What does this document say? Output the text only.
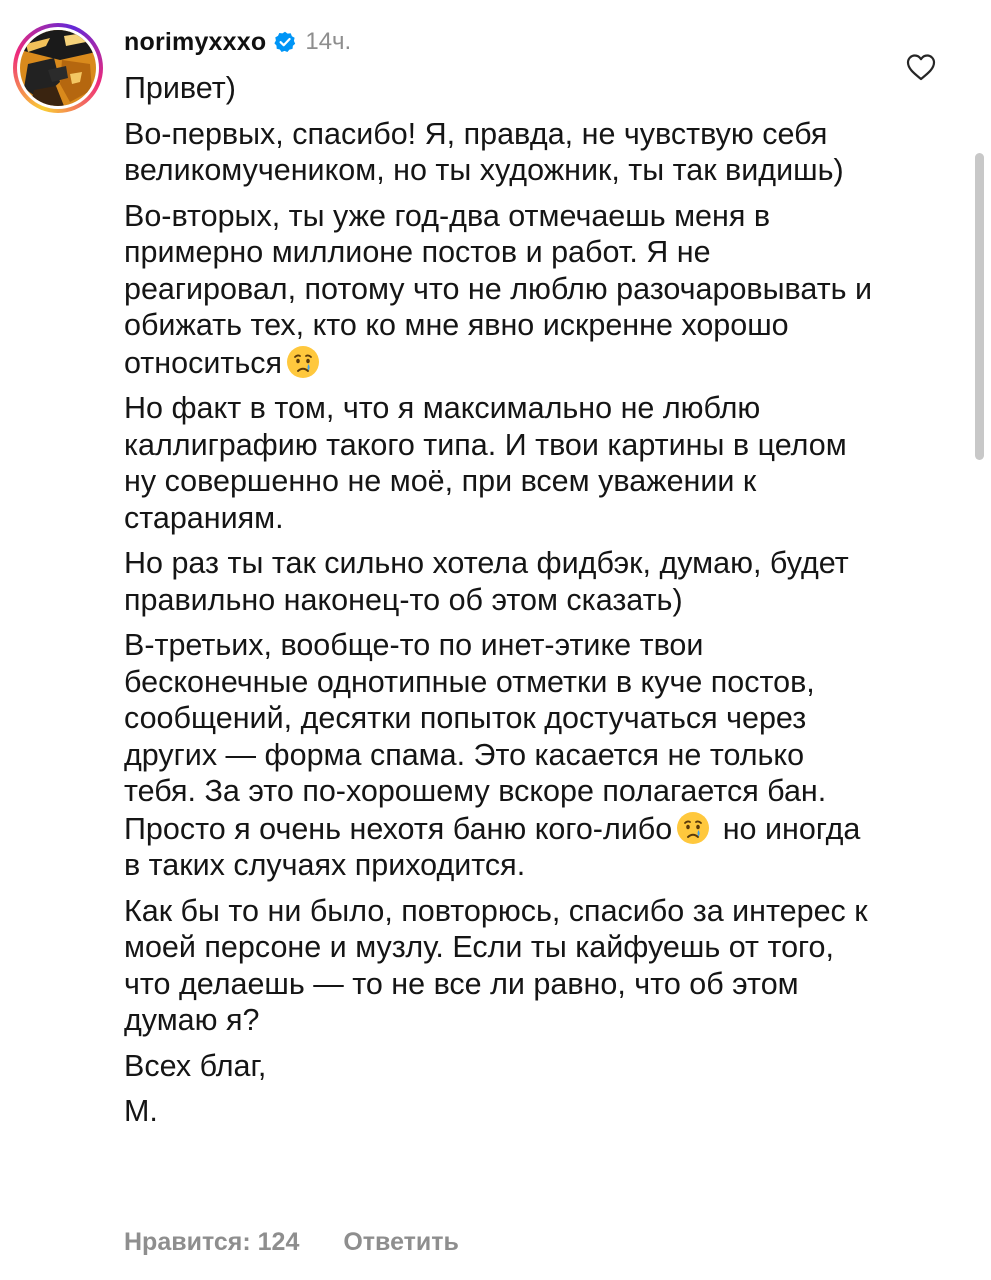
norimyxxxo 14ч.

Привет)

Во-первых, спасибо! Я, правда, не чувствую себя великомучеником, но ты художник, ты так видишь)

Во-вторых, ты уже год-два отмечаешь меня в примерно миллионе постов и работ. Я не реагировал, потому что не люблю разочаровывать и обижать тех, кто ко мне явно искренне хорошо относиться

Но факт в том, что я максимально не люблю каллиграфию такого типа. И твои картины в целом ну совершенно не моё, при всем уважении к стараниям.

Но раз ты так сильно хотела фидбэк, думаю, будет правильно наконец-то об этом сказать)

В-третьих, вообще-то по инет-этике твои бесконечные однотипные отметки в куче постов, сообщений, десятки попыток достучаться через других — форма спама. Это касается не только тебя. За это по-хорошему вскоре полагается бан. Просто я очень нехотя баню кого-либо но иногда в таких случаях приходится.

Как бы то ни было, повторюсь, спасибо за интерес к моей персоне и музлу. Если ты кайфуешь от того, что делаешь — то не все ли равно, что об этом думаю я?

Всех благ,

М.

Нравится: 124 Ответить
